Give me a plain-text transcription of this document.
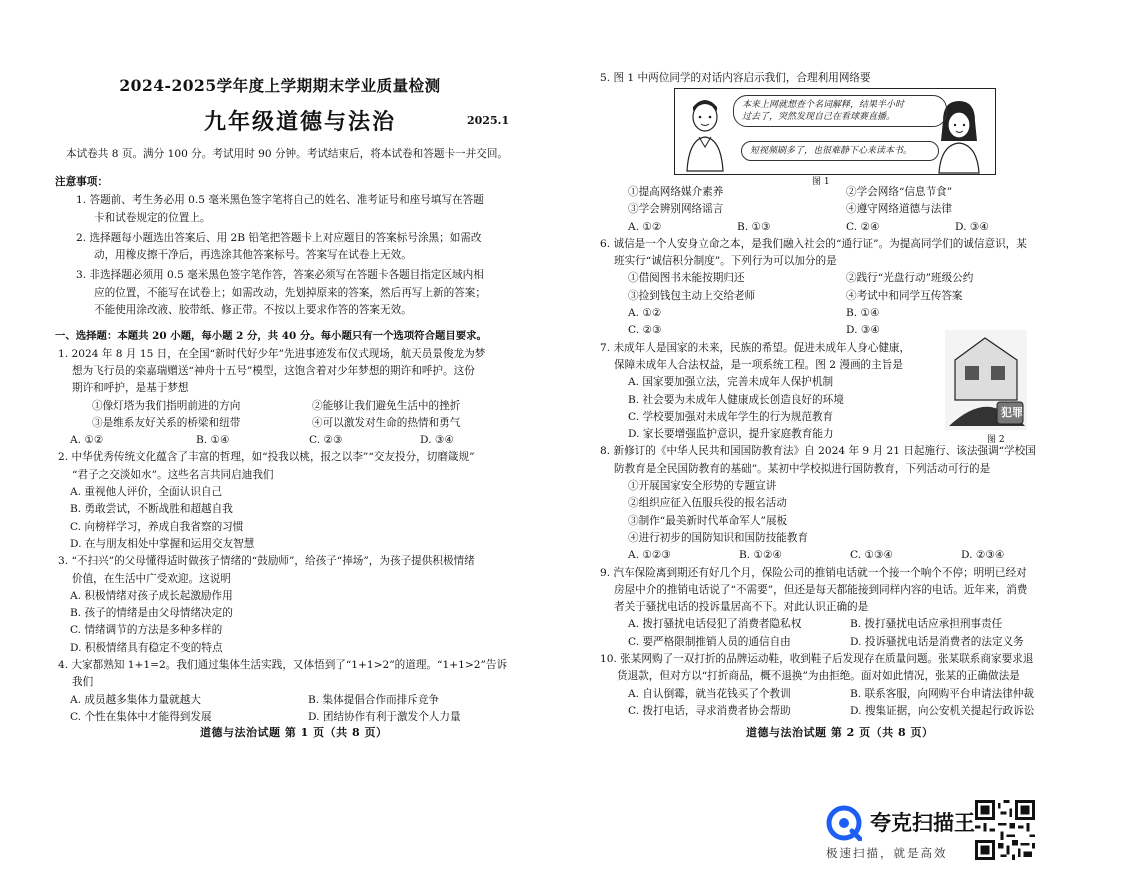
2024-2025学年度上学期期末学业质量检测
九年级道德与法治	2025.1
本试卷共 8 页。满分 100 分。考试用时 90 分钟。考试结束后，将本试卷和答题卡一并交回。
注意事项：
1. 答题前、考生务必用 0.5 毫米黑色签字笔将自己的姓名、准考证号和座号填写在答题
卡和试卷规定的位置上。
2. 选择题每小题选出答案后、用 2B 铅笔把答题卡上对应题目的答案标号涂黑；如需改
动，用橡皮擦干净后，再选涂其他答案标号。答案写在试卷上无效。
3. 非选择题必须用 0.5 毫米黑色签字笔作答，答案必须写在答题卡各题目指定区域内相
应的位置，不能写在试卷上；如需改动，先划掉原来的答案，然后再写上新的答案；
不能使用涂改液、胶带纸、修正带。不按以上要求作答的答案无效。
一、选择题：本题共 20 小题，每小题 2 分，共 40 分。每小题只有一个选项符合题目要求。
1. 2024 年 8 月 15 日，在全国“新时代好少年”先进事迹发布仪式现场，航天员景俊龙为梦
想为飞行员的栾嘉瑞赠送“神舟十五号”模型，这饱含着对少年梦想的期许和呼护。这份
期许和呼护，是基于梦想
①像灯塔为我们指明前进的方向	②能够让我们避免生活中的挫折
③是维系友好关系的桥梁和纽带	④可以激发对生命的热情和勇气
A. ①②	B. ①④	C. ②③	D. ③④
2. 中华优秀传统文化蕴含了丰富的哲理，如“投我以桃，报之以李”“交友投分，切磨箴规”
“君子之交淡如水”。这些名言共同启迪我们
A. 重视他人评价，全面认识自己
B. 勇敢尝试，不断战胜和超越自我
C. 向榜样学习，养成自我省察的习惯
D. 在与朋友相处中掌握和运用交友智慧
3. “不扫兴”的父母懂得适时做孩子情绪的“鼓励师”，给孩子“捧场”，为孩子提供积极情绪
价值，在生活中广受欢迎。这说明
A. 积极情绪对孩子成长起激励作用
B. 孩子的情绪是由父母情绪决定的
C. 情绪调节的方法是多种多样的
D. 积极情绪具有稳定不变的特点
4. 大家都熟知 1+1=2。我们通过集体生活实践，又体悟到了“1+1>2”的道理。“1+1>2”告诉
我们
A. 成员越多集体力量就越大	B. 集体提倡合作而排斥竞争
C. 个性在集体中才能得到发展	D. 团结协作有利于激发个人力量
道德与法治试题 第 1 页（共 8 页）
5. 图 1 中两位同学的对话内容启示我们，合理利用网络要
本来上网就想查个名词解释，结果半小时
过去了，突然发现自己在看球赛直播。
短视频刷多了，也很难静下心来读本书。
图 1
①提高网络媒介素养	②学会网络“信息节食”
③学会辨别网络谣言	④遵守网络道德与法律
A. ①②	B. ①③	C. ②④	D. ③④
6. 诚信是一个人安身立命之本，是我们融入社会的“通行证”。为提高同学们的诚信意识，某
班实行“诚信积分制度”。下列行为可以加分的是
①借阅图书未能按期归还	②践行“光盘行动”班级公约
③捡到钱包主动上交给老师	④考试中和同学互传答案
A. ①②	B. ①④
C. ②③	D. ③④
7. 未成年人是国家的未来，民族的希望。促进未成年人身心健康，
保障未成年人合法权益，是一项系统工程。图 2 漫画的主旨是
A. 国家要加强立法，完善未成年人保护机制
B. 社会要为未成年人健康成长创造良好的环境
C. 学校要加强对未成年学生的行为规范教育
D. 家长要增强监护意识，提升家庭教育能力
8. 新修订的《中华人民共和国国防教育法》自 2024 年 9 月 21 日起施行、该法强调“学校国
防教育是全民国防教育的基础”。某初中学校拟进行国防教育，下列活动可行的是
①开展国家安全形势的专题宣讲
②组织应征入伍服兵役的报名活动
③制作“最美新时代革命军人”展板
④进行初步的国防知识和国防技能教育
A. ①②③	B. ①②④	C. ①③④	D. ②③④
9. 汽车保险离到期还有好几个月，保险公司的推销电话就一个接一个响个不停；明明已经对
房屋中介的推销电话说了“不需要”，但还是每天都能接到同样内容的电话。近年来，消费
者关于骚扰电话的投诉量居高不下。对此认识正确的是
A. 拨打骚扰电话侵犯了消费者隐私权	B. 拨打骚扰电话应承担刑事责任
C. 要严格限制推销人员的通信自由	D. 投诉骚扰电话是消费者的法定义务
10. 张某网购了一双打折的品牌运动鞋，收到鞋子后发现存在质量问题。张某联系商家要求退
货退款，但对方以“打折商品，概不退换”为由拒绝。面对如此情况，张某的正确做法是
A. 自认倒霉，就当花钱买了个教训	B. 联系客服，向网购平台申请法律仲裁
C. 拨打电话，寻求消费者协会帮助	D. 搜集证据，向公安机关提起行政诉讼
犯罪
图 2
道德与法治试题 第 2 页（共 8 页）
夸克扫描王
极速扫描，就是高效
